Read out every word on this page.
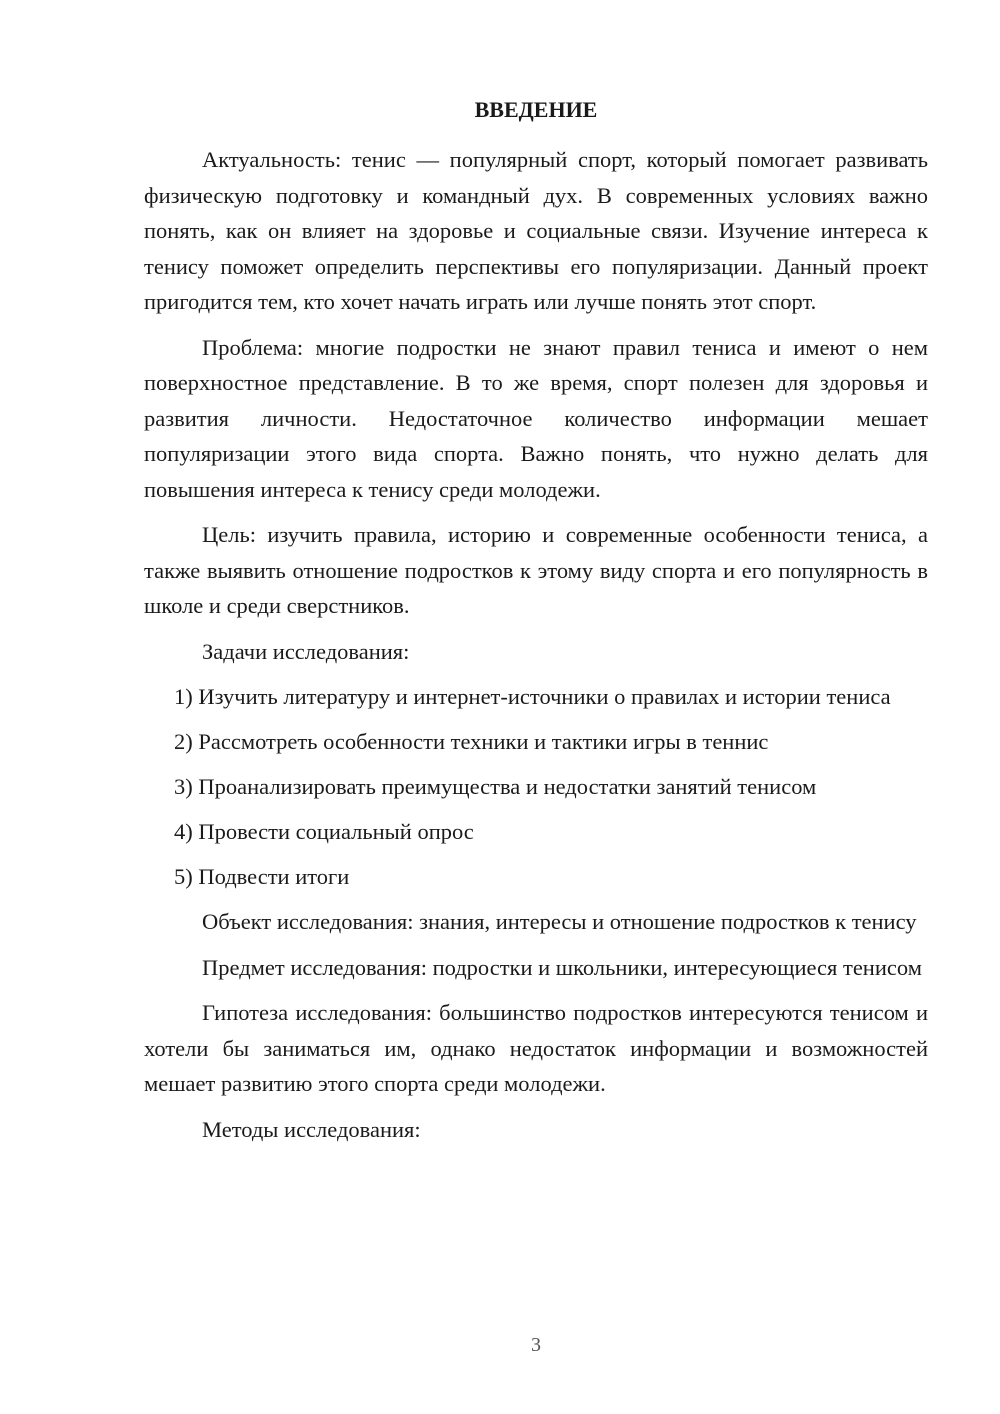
ВВЕДЕНИЕ

Актуальность: тенис — популярный спорт, который помогает развивать физическую подготовку и командный дух. В современных условиях важно понять, как он влияет на здоровье и социальные связи. Изучение интереса к тенису поможет определить перспективы его популяризации. Данный проект пригодится тем, кто хочет начать играть или лучше понять этот спорт.

Проблема: многие подростки не знают правил тениса и имеют о нем поверхностное представление. В то же время, спорт полезен для здоровья и развития личности. Недостаточное количество информации мешает популяризации этого вида спорта. Важно понять, что нужно делать для повышения интереса к тенису среди молодежи.

Цель: изучить правила, историю и современные особенности тениса, а также выявить отношение подростков к этому виду спорта и его популярность в школе и среди сверстников.

Задачи исследования:

1) Изучить литературу и интернет-источники о правилах и истории тениса

2) Рассмотреть особенности техники и тактики игры в теннис

3) Проанализировать преимущества и недостатки занятий тенисом

4) Провести социальный опрос

5) Подвести итоги

Объект исследования: знания, интересы и отношение подростков к тенису

Предмет исследования: подростки и школьники, интересующиеся тенисом

Гипотеза исследования: большинство подростков интересуются тенисом и хотели бы заниматься им, однако недостаток информации и возможностей мешает развитию этого спорта среди молодежи.

Методы исследования:

3
